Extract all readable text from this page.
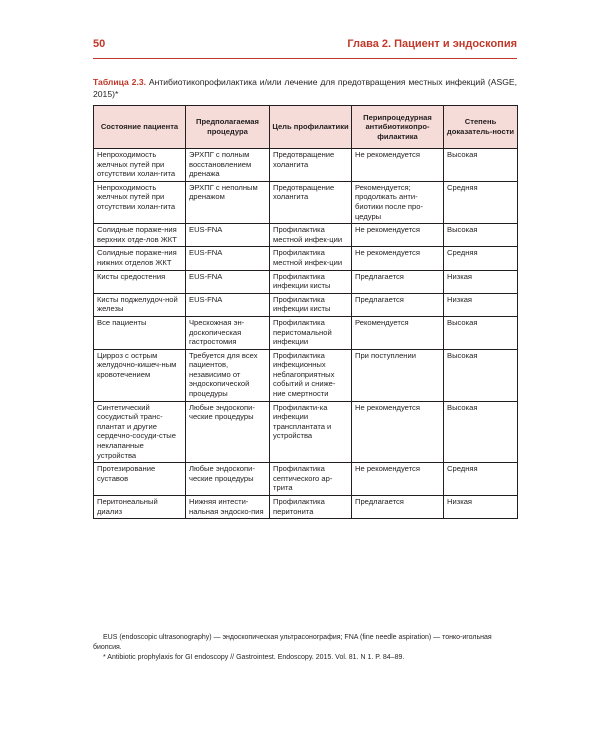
50	Глава 2. Пациент и эндоскопия
Таблица 2.3. Антибиотикопрофилактика и/или лечение для предотвращения местных инфекций (ASGE, 2015)*
Состояние пациента	Предполагаемая процедура	Цель профилактики	Перипроцедурная антибиотикопро-филактика	Степень доказатель-ности
Непроходимость желчных путей при отсутствии холан-гита	ЭРХПГ с полным восстановлением дренажа	Предотвращение холангита	Не рекомендуется	Высокая
Непроходимость желчных путей при отсутствии холан-гита	ЭРХПГ с неполным дренажом	Предотвращение холангита	Рекомендуется; продолжать анти-биотики после про-цедуры	Средняя
Солидные пораже-ния верхних отде-лов ЖКТ	EUS-FNA	Профилактика местной инфек-ции	Не рекомендуется	Высокая
Солидные пораже-ния нижних отделов ЖКТ	EUS-FNA	Профилактика местной инфек-ции	Не рекомендуется	Средняя
Кисты средостения	EUS-FNA	Профилактика инфекции кисты	Предлагается	Низкая
Кисты поджелудоч-ной железы	EUS-FNA	Профилактика инфекции кисты	Предлагается	Низкая
Все пациенты	Чрескожная эн-доскопическая гастростомия	Профилактика перистомальной инфекции	Рекомендуется	Высокая
Цирроз с острым желудочно-кишеч-ным кровотечением	Требуется для всех пациентов, независимо от эндоскопической процедуры	Профилактика инфекционных неблагоприятных событий и сниже-ние смертности	При поступлении	Высокая
Синтетический сосудистый транс-плантат и другие сердечно-сосуди-стые неклапанные устройства	Любые эндоскопи-ческие процедуры	Профилакти-ка инфекции трансплантата и устройства	Не рекомендуется	Высокая
Протезирование суставов	Любые эндоскопи-ческие процедуры	Профилактика септического ар-трита	Не рекомендуется	Средняя
Перитонеальный диализ	Нижняя интести-нальная эндоско-пия	Профилактика перитонита	Предлагается	Низкая

EUS (endoscopic ultrasonography) — эндоскопическая ультрасонография; FNA (fine needle aspiration) — тонко-игольная биопсия.

* Antibiotic prophylaxis for GI endoscopy // Gastrointest. Endoscopy. 2015. Vol. 81. N 1. P. 84–89.
